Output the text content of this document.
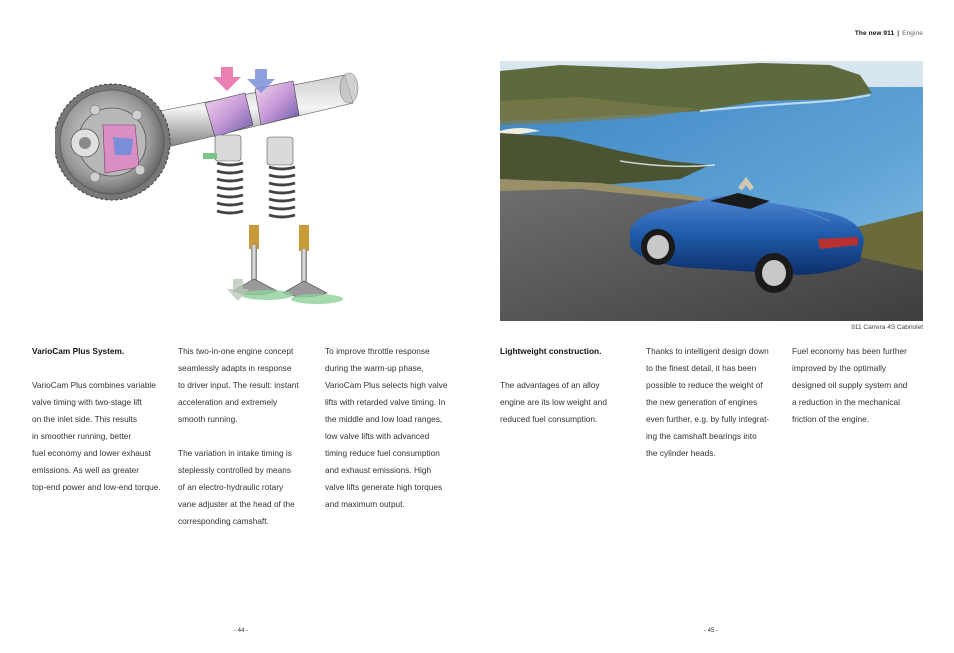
The new 911 | Engine
911 Carrera 4S Cabriolet

VarioCam Plus System.

VarioCam Plus combines variable

valve timing with two-stage lift

on the inlet side. This results

in smoother running, better

fuel economy and lower exhaust

emissions. As well as greater

top-end power and low-end torque.

This two-in-one engine concept

seamlessly adapts in response

to driver input. The result: instant

acceleration and extremely

smooth running.

The variation in intake timing is

steplessly controlled by means

of an electro-hydraulic rotary

vane adjuster at the head of the

corresponding camshaft.

To improve throttle response

during the warm-up phase,

VarioCam Plus selects high valve

lifts with retarded valve timing. In

the middle and low load ranges,

low valve lifts with advanced

timing reduce fuel consumption

and exhaust emissions. High

valve lifts generate high torques

and maximum output.

Lightweight construction.

The advantages of an alloy

engine are its low weight and

reduced fuel consumption.

Thanks to intelligent design down

to the finest detail, it has been

possible to reduce the weight of

the new generation of engines

even further, e.g. by fully integrat-

ing the camshaft bearings into

the cylinder heads.

Fuel economy has been further

improved by the optimally

designed oil supply system and

a reduction in the mechanical

friction of the engine.

- 44 -	- 45 -
